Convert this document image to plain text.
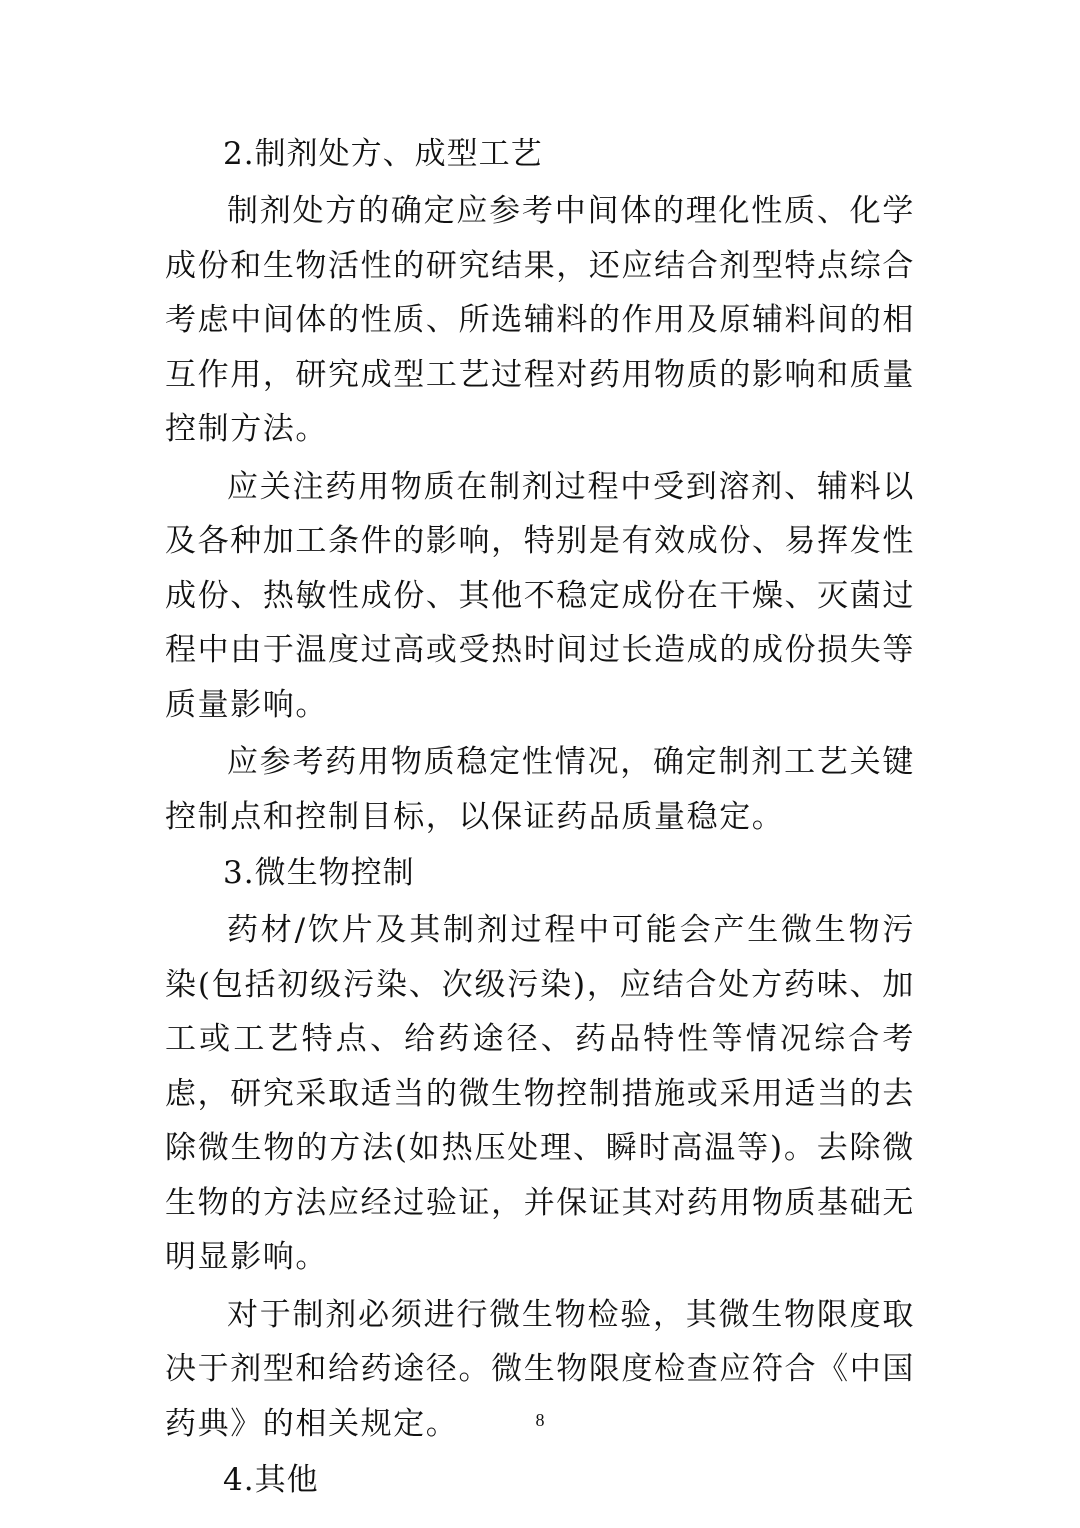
2.制剂处方、成型工艺

制剂处方的确定应参考中间体的理化性质、化学成份和生物活性的研究结果，还应结合剂型特点综合考虑中间体的性质、所选辅料的作用及原辅料间的相互作用，研究成型工艺过程对药用物质的影响和质量控制方法。

应关注药用物质在制剂过程中受到溶剂、辅料以及各种加工条件的影响，特别是有效成份、易挥发性成份、热敏性成份、其他不稳定成份在干燥、灭菌过程中由于温度过高或受热时间过长造成的成份损失等质量影响。

应参考药用物质稳定性情况，确定制剂工艺关键控制点和控制目标，以保证药品质量稳定。

3.微生物控制

药材/饮片及其制剂过程中可能会产生微生物污染(包括初级污染、次级污染)，应结合处方药味、加工或工艺特点、给药途径、药品特性等情况综合考虑，研究采取适当的微生物控制措施或采用适当的去除微生物的方法(如热压处理、瞬时高温等)。去除微生物的方法应经过验证，并保证其对药用物质基础无明显影响。

对于制剂必须进行微生物检验，其微生物限度取决于剂型和给药途径。微生物限度检查应符合《中国药典》的相关规定。

4.其他
8
